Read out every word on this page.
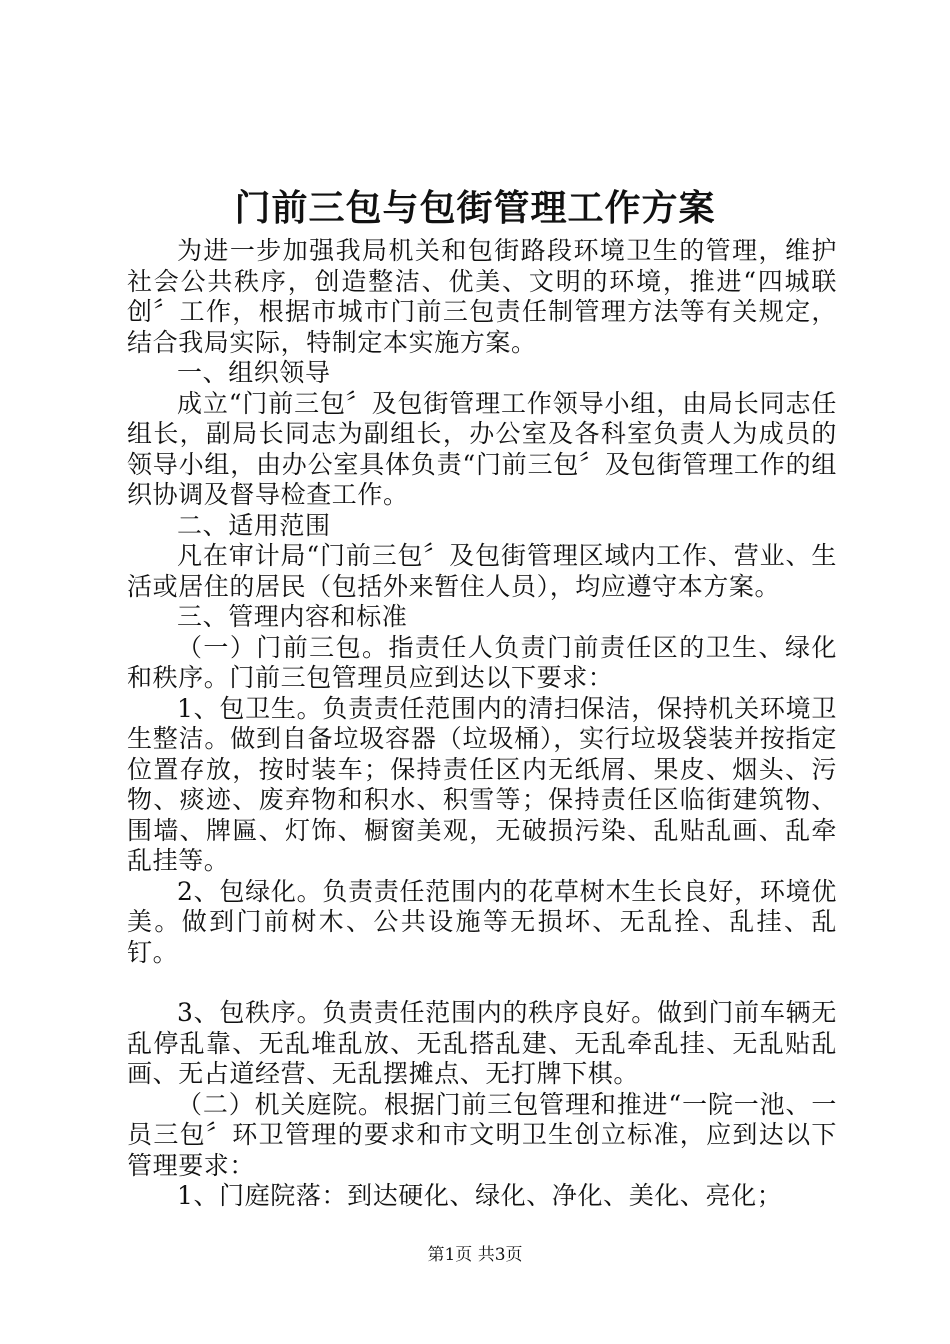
门前三包与包街管理工作方案

为进一步加强我局机关和包街路段环境卫生的管理，维护社会公共秩序，创造整洁、优美、文明的环境，推进“四城联创〞工作，根据市城市门前三包责任制管理方法等有关规定，结合我局实际，特制定本实施方案。

一、组织领导

成立“门前三包〞及包街管理工作领导小组，由局长同志任组长，副局长同志为副组长，办公室及各科室负责人为成员的领导小组，由办公室具体负责“门前三包〞及包街管理工作的组织协调及督导检查工作。

二、适用范围

凡在审计局“门前三包〞及包街管理区域内工作、营业、生活或居住的居民（包括外来暂住人员），均应遵守本方案。

三、管理内容和标准

（一）门前三包。指责任人负责门前责任区的卫生、绿化和秩序。门前三包管理员应到达以下要求：

1、包卫生。负责责任范围内的清扫保洁，保持机关环境卫生整洁。做到自备垃圾容器（垃圾桶），实行垃圾袋装并按指定位置存放，按时装车；保持责任区内无纸屑、果皮、烟头、污物、痰迹、废弃物和积水、积雪等；保持责任区临街建筑物、围墙、牌匾、灯饰、橱窗美观，无破损污染、乱贴乱画、乱牵乱挂等。

2、包绿化。负责责任范围内的花草树木生长良好，环境优美。做到门前树木、公共设施等无损坏、无乱拴、乱挂、乱钉。

3、包秩序。负责责任范围内的秩序良好。做到门前车辆无乱停乱靠、无乱堆乱放、无乱搭乱建、无乱牵乱挂、无乱贴乱画、无占道经营、无乱摆摊点、无打牌下棋。

（二）机关庭院。根据门前三包管理和推进“一院一池、一员三包〞环卫管理的要求和市文明卫生创立标准，应到达以下管理要求：

1、门庭院落：到达硬化、绿化、净化、美化、亮化；

第1页 共3页
